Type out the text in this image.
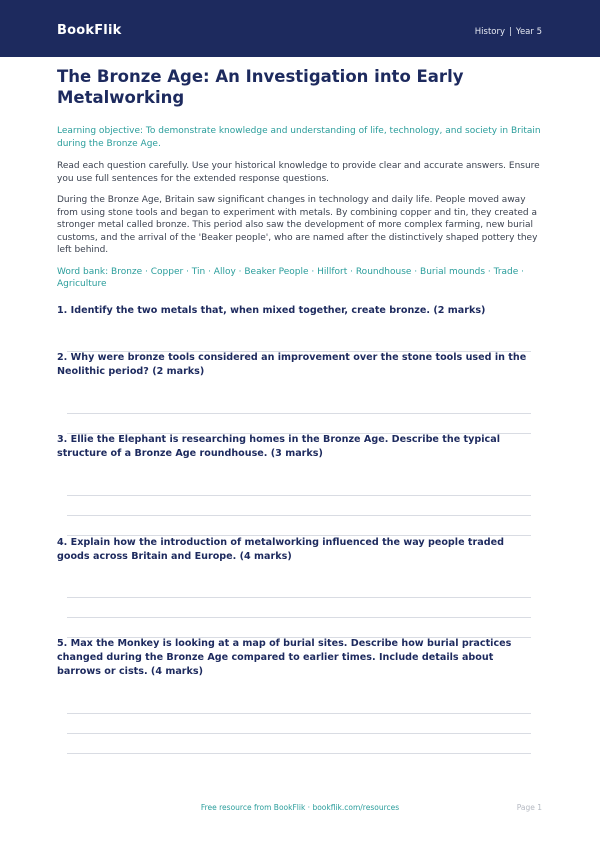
BookFlik	History | Year 5
The Bronze Age: An Investigation into Early Metalworking

Learning objective: To demonstrate knowledge and understanding of life, technology, and society in Britain during the Bronze Age.

Read each question carefully. Use your historical knowledge to provide clear and accurate answers. Ensure you use full sentences for the extended response questions.

During the Bronze Age, Britain saw significant changes in technology and daily life. People moved away from using stone tools and began to experiment with metals. By combining copper and tin, they created a stronger metal called bronze. This period also saw the development of more complex farming, new burial customs, and the arrival of the 'Beaker people', who are named after the distinctively shaped pottery they left behind.

Word bank: Bronze · Copper · Tin · Alloy · Beaker People · Hillfort · Roundhouse · Burial mounds · Trade · Agriculture

1. Identify the two metals that, when mixed together, create bronze. (2 marks)
2. Why were bronze tools considered an improvement over the stone tools used in the Neolithic period? (2 marks)
3. Ellie the Elephant is researching homes in the Bronze Age. Describe the typical structure of a Bronze Age roundhouse. (3 marks)
4. Explain how the introduction of metalworking influenced the way people traded goods across Britain and Europe. (4 marks)
5. Max the Monkey is looking at a map of burial sites. Describe how burial practices changed during the Bronze Age compared to earlier times. Include details about barrows or cists. (4 marks)
Free resource from BookFlik · bookflik.com/resources	Page 1
